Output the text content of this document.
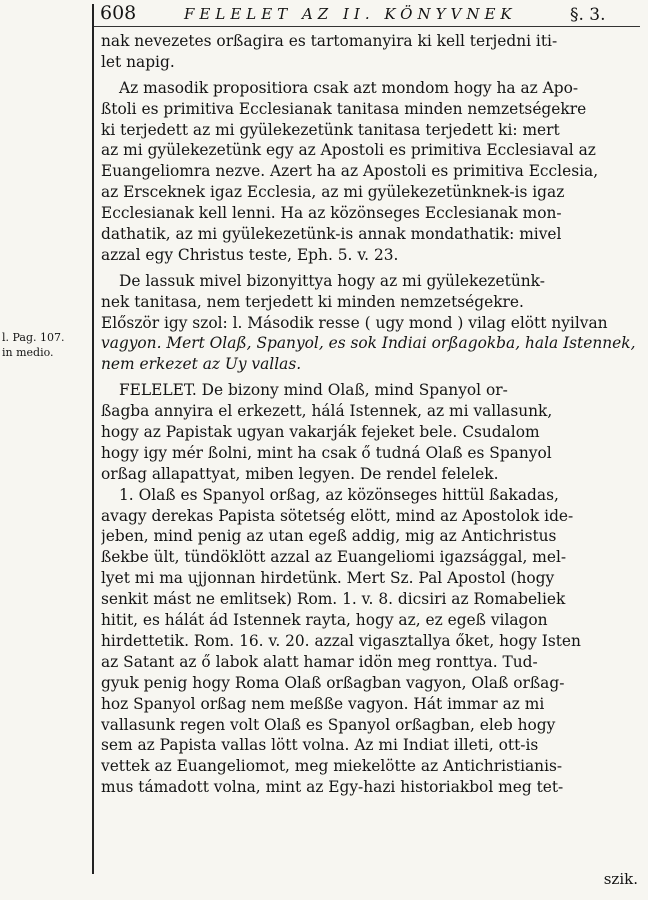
608	FELELET AZ II. KÖNYVNEK	§. 3.
l. Pag. 107.
in medio.
nak nevezetes orßagira es tartomanyira ki kell terjedni iti-
let napig.
Az masodik propositiora csak azt mondom hogy ha az Apo-
ßtoli es primitiva Ecclesianak tanitasa minden nemzetségekre
ki terjedett az mi gyülekezetünk tanitasa terjedett ki: mert
az mi gyülekezetünk egy az Apostoli es primitiva Ecclesiaval az
Euangeliomra nezve. Azert ha az Apostoli es primitiva Ecclesia,
az Ersceknek igaz Ecclesia, az mi gyülekezetünknek-is igaz
Ecclesianak kell lenni. Ha az közönseges Ecclesianak mon-
dathatik, az mi gyülekezetünk-is annak mondathatik: mivel
azzal egy Christus teste, Eph. 5. v. 23.
De lassuk mivel bizonyittya hogy az mi gyülekezetünk-
nek tanitasa, nem terjedett ki minden nemzetségekre.
Először igy szol: l. Második resse ( ugy mond ) vilag elött nyilvan
vagyon. Mert Olaß, Spanyol, es sok Indiai orßagokba, hala Istennek,
nem erkezet az Uy vallas.
FELELET. De bizony mind Olaß, mind Spanyol or-
ßagba annyira el erkezett, hálá Istennek, az mi vallasunk,
hogy az Papistak ugyan vakarják fejeket bele. Csudalom
hogy igy mér ßolni, mint ha csak ő tudná Olaß es Spanyol
orßag allapattyat, miben legyen. De rendel felelek.
1. Olaß es Spanyol orßag, az közönseges hittül ßakadas,
avagy derekas Papista sötetség elött, mind az Apostolok ide-
jeben, mind penig az utan egeß addig, mig az Antichristus
ßekbe ült, tündöklött azzal az Euangeliomi igazsággal, mel-
lyet mi ma ujjonnan hirdetünk. Mert Sz. Pal Apostol (hogy
senkit mást ne emlitsek) Rom. 1. v. 8. dicsiri az Romabeliek
hitit, es hálát ád Istennek rayta, hogy az, ez egeß vilagon
hirdettetik. Rom. 16. v. 20. azzal vigasztallya őket, hogy Isten
az Satant az ő labok alatt hamar idön meg ronttya. Tud-
gyuk penig hogy Roma Olaß orßagban vagyon, Olaß orßag-
hoz Spanyol orßag nem meßße vagyon. Hát immar az mi
vallasunk regen volt Olaß es Spanyol orßagban, eleb hogy
sem az Papista vallas lött volna. Az mi Indiat illeti, ott-is
vettek az Euangeliomot, meg miekelötte az Antichristianis-
mus támadott volna, mint az Egy-hazi historiakbol meg tet-
szik.
